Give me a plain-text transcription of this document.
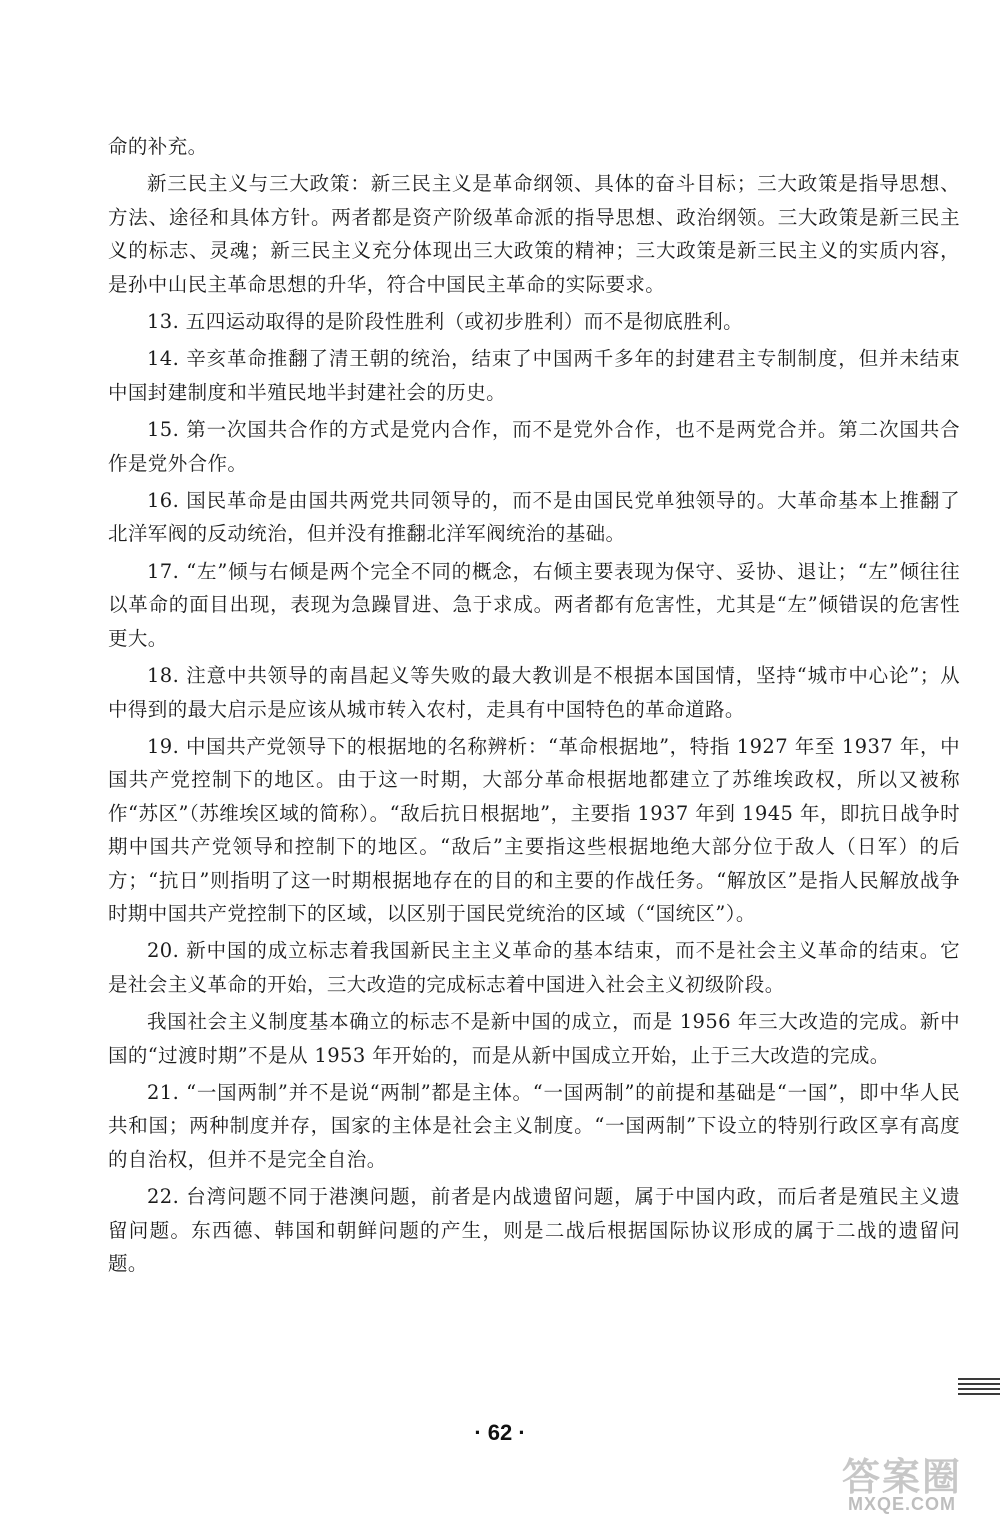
命的补充。

新三民主义与三大政策：新三民主义是革命纲领、具体的奋斗目标；三大政策是指导思想、方法、途径和具体方针。两者都是资产阶级革命派的指导思想、政治纲领。三大政策是新三民主义的标志、灵魂；新三民主义充分体现出三大政策的精神；三大政策是新三民主义的实质内容，是孙中山民主革命思想的升华，符合中国民主革命的实际要求。

13. 五四运动取得的是阶段性胜利（或初步胜利）而不是彻底胜利。

14. 辛亥革命推翻了清王朝的统治，结束了中国两千多年的封建君主专制制度，但并未结束中国封建制度和半殖民地半封建社会的历史。

15. 第一次国共合作的方式是党内合作，而不是党外合作，也不是两党合并。第二次国共合作是党外合作。

16. 国民革命是由国共两党共同领导的，而不是由国民党单独领导的。大革命基本上推翻了北洋军阀的反动统治，但并没有推翻北洋军阀统治的基础。

17. “左”倾与右倾是两个完全不同的概念，右倾主要表现为保守、妥协、退让；“左”倾往往以革命的面目出现，表现为急躁冒进、急于求成。两者都有危害性，尤其是“左”倾错误的危害性更大。

18. 注意中共领导的南昌起义等失败的最大教训是不根据本国国情，坚持“城市中心论”；从中得到的最大启示是应该从城市转入农村，走具有中国特色的革命道路。

19. 中国共产党领导下的根据地的名称辨析：“革命根据地”，特指 1927 年至 1937 年，中国共产党控制下的地区。由于这一时期，大部分革命根据地都建立了苏维埃政权，所以又被称作“苏区”（苏维埃区域的简称）。“敌后抗日根据地”，主要指 1937 年到 1945 年，即抗日战争时期中国共产党领导和控制下的地区。“敌后”主要指这些根据地绝大部分位于敌人（日军）的后方；“抗日”则指明了这一时期根据地存在的目的和主要的作战任务。“解放区”是指人民解放战争时期中国共产党控制下的区域，以区别于国民党统治的区域（“国统区”）。

20. 新中国的成立标志着我国新民主主义革命的基本结束，而不是社会主义革命的结束。它是社会主义革命的开始，三大改造的完成标志着中国进入社会主义初级阶段。

我国社会主义制度基本确立的标志不是新中国的成立，而是 1956 年三大改造的完成。新中国的“过渡时期”不是从 1953 年开始的，而是从新中国成立开始，止于三大改造的完成。

21. “一国两制”并不是说“两制”都是主体。“一国两制”的前提和基础是“一国”，即中华人民共和国；两种制度并存，国家的主体是社会主义制度。“一国两制”下设立的特别行政区享有高度的自治权，但并不是完全自治。

22. 台湾问题不同于港澳问题，前者是内战遗留问题，属于中国内政，而后者是殖民主义遗留问题。东西德、韩国和朝鲜问题的产生，则是二战后根据国际协议形成的属于二战的遗留问题。

· 62 ·
答案圈
MXQE.COM
